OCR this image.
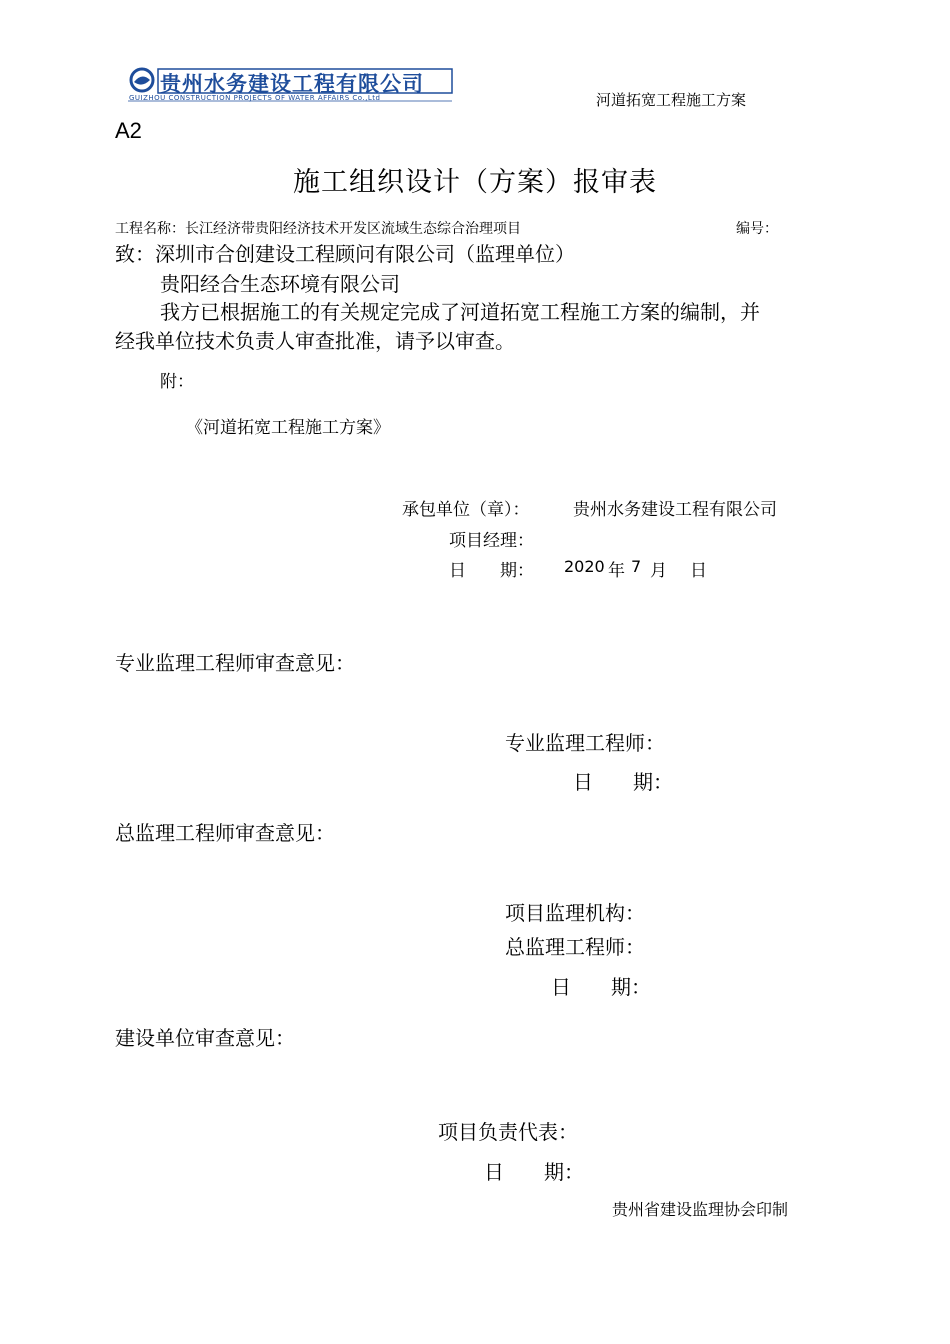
贵州水务建设工程有限公司
GUIZHOU CONSTRUCTION PROJECTS OF WATER AFFAIRS Co.,Ltd	河道拓宽工程施工方案
A2
施工组织设计（方案）报审表
工程名称：长江经济带贵阳经济技术开发区流域生态综合治理项目	编号：
致：深圳市合创建设工程顾问有限公司（监理单位）
贵阳经合生态环境有限公司
我方已根据施工的有关规定完成了河道拓宽工程施工方案的编制，并
经我单位技术负责人审查批准，请予以审查。
附：
《河道拓宽工程施工方案》
承包单位（章）：	贵州水务建设工程有限公司
项目经理：
日　　期： 2020 年 7 月 日
专业监理工程师审查意见：
专业监理工程师：
日　　期：
总监理工程师审查意见：
项目监理机构：
总监理工程师：
日　　期：
建设单位审查意见：
项目负责代表：
日　　期：
贵州省建设监理协会印制
